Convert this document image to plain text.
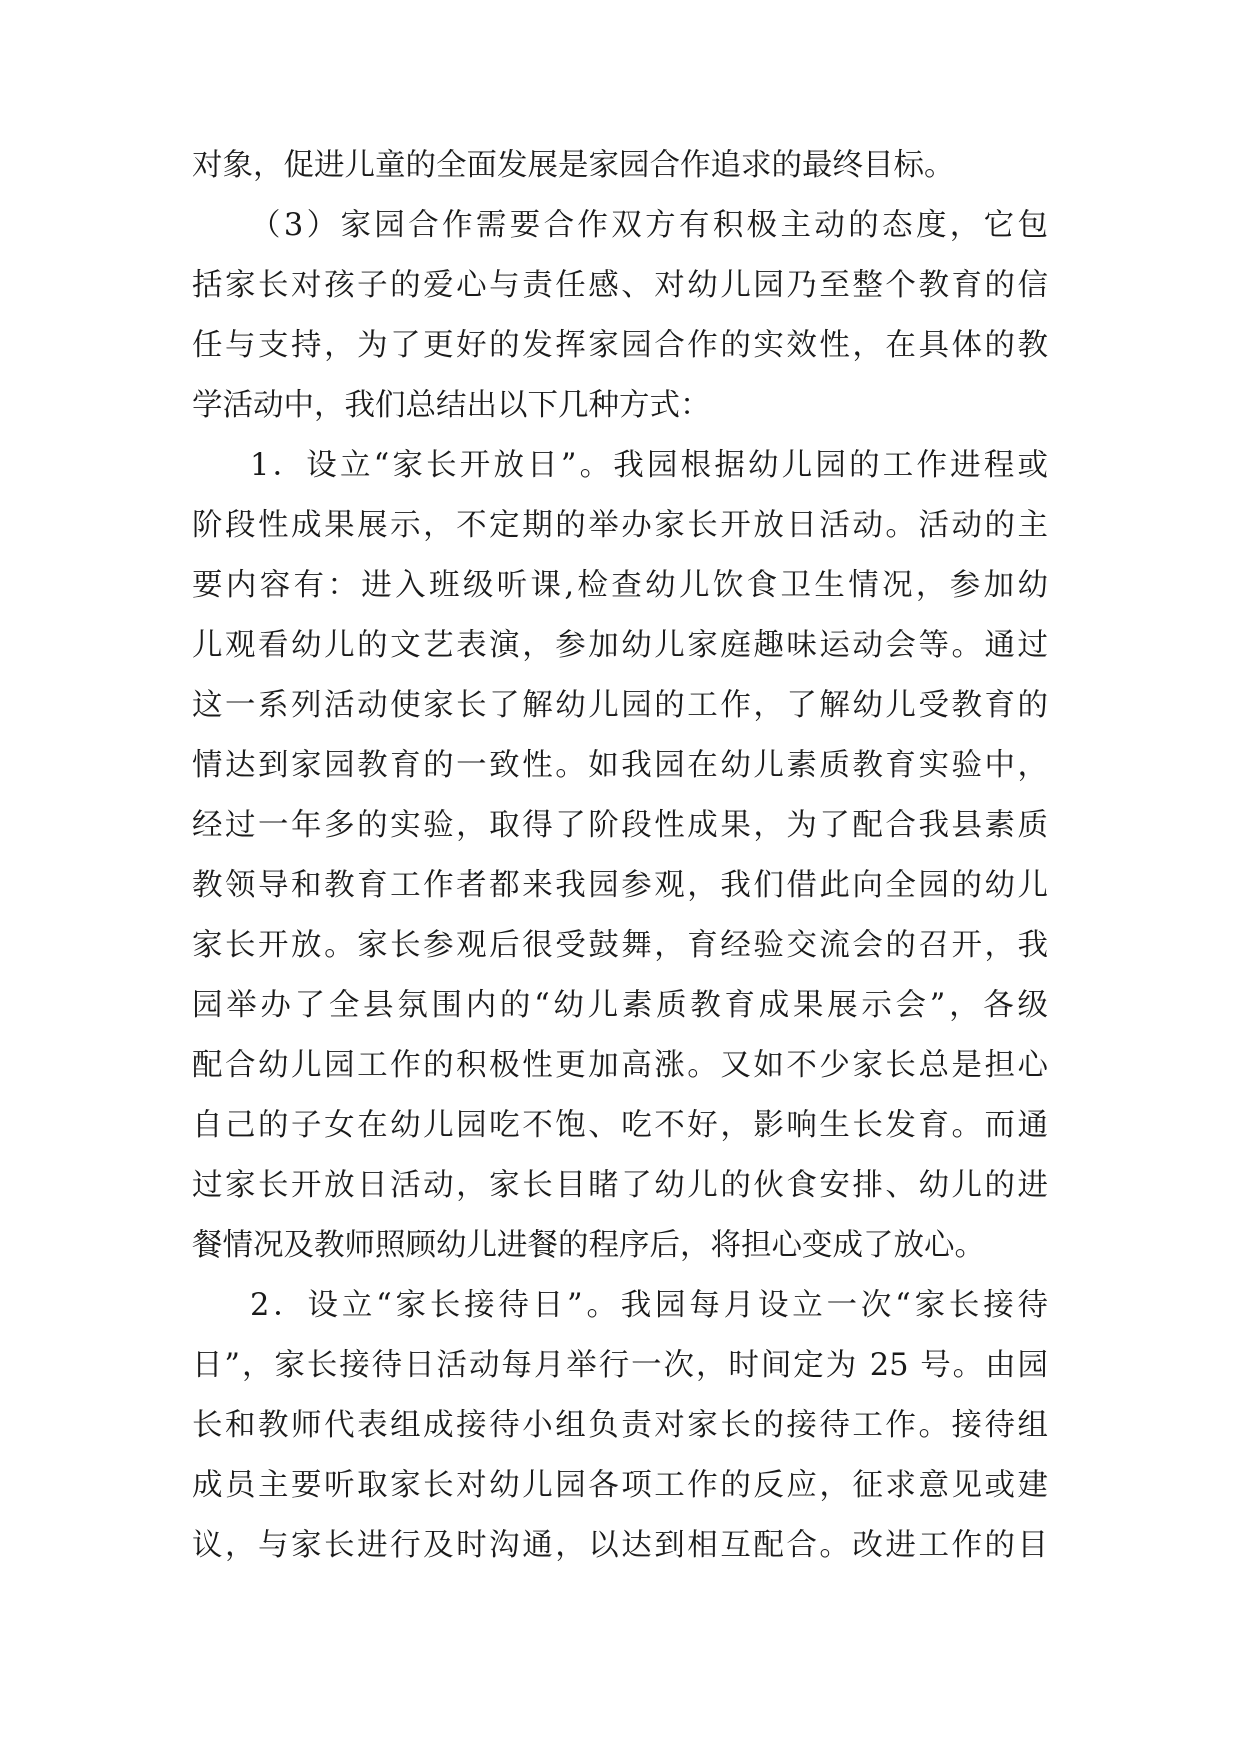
对象，促进儿童的全面发展是家园合作追求的最终目标。
（3）家园合作需要合作双方有积极主动的态度，它包
括家长对孩子的爱心与责任感、对幼儿园乃至整个教育的信
任与支持，为了更好的发挥家园合作的实效性，在具体的教
学活动中，我们总结出以下几种方式：
1．设立“家长开放日”。我园根据幼儿园的工作进程或
阶段性成果展示，不定期的举办家长开放日活动。活动的主
要内容有：进入班级听课,检查幼儿饮食卫生情况，参加幼
儿观看幼儿的文艺表演，参加幼儿家庭趣味运动会等。通过
这一系列活动使家长了解幼儿园的工作，了解幼儿受教育的
情达到家园教育的一致性。如我园在幼儿素质教育实验中，
经过一年多的实验，取得了阶段性成果，为了配合我县素质
教领导和教育工作者都来我园参观，我们借此向全园的幼儿
家长开放。家长参观后很受鼓舞，育经验交流会的召开，我
园举办了全县氛围内的“幼儿素质教育成果展示会”，各级
配合幼儿园工作的积极性更加高涨。又如不少家长总是担心
自己的子女在幼儿园吃不饱、吃不好，影响生长发育。而通
过家长开放日活动，家长目睹了幼儿的伙食安排、幼儿的进
餐情况及教师照顾幼儿进餐的程序后，将担心变成了放心。
2．设立“家长接待日”。我园每月设立一次“家长接待
日”，家长接待日活动每月举行一次，时间定为 25 号。由园
长和教师代表组成接待小组负责对家长的接待工作。接待组
成员主要听取家长对幼儿园各项工作的反应，征求意见或建
议，与家长进行及时沟通，以达到相互配合。改进工作的目
